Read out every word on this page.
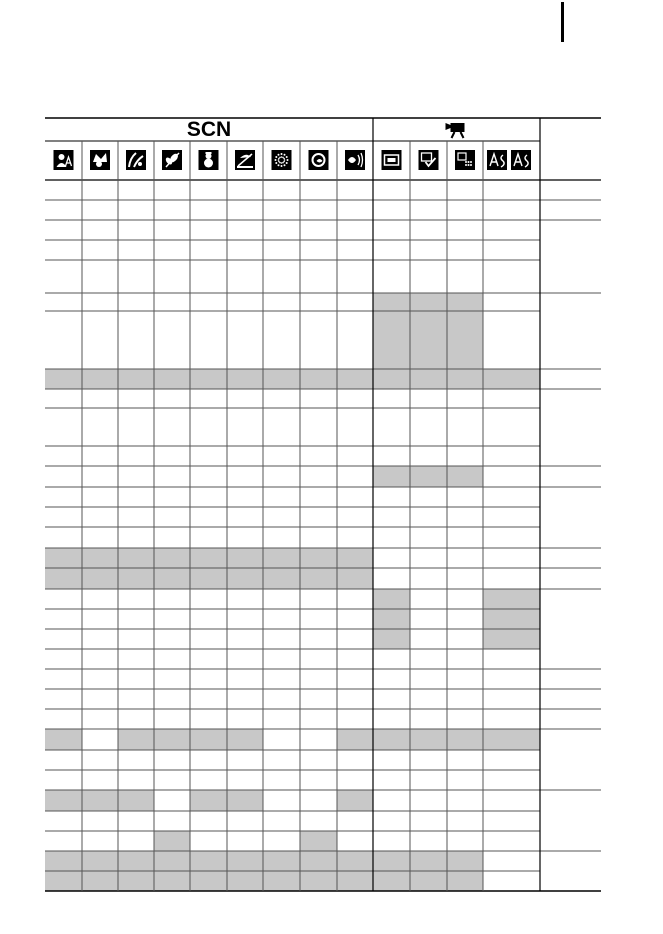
SCN
